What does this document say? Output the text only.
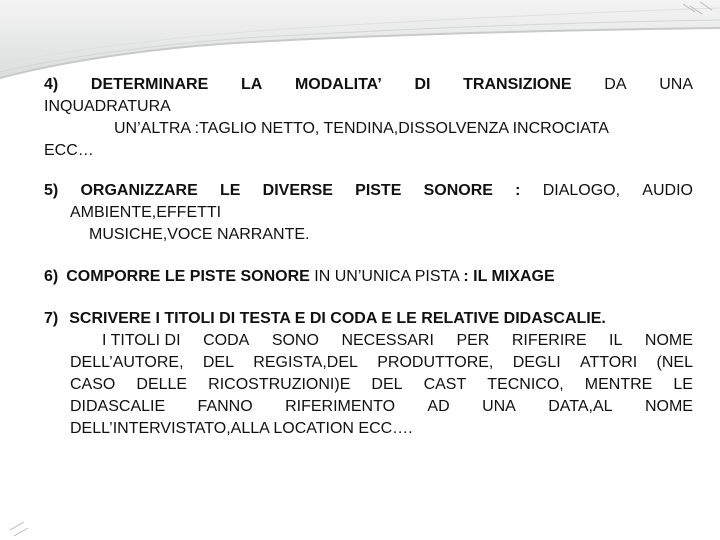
4) DETERMINARE LA MODALITA’ DI TRANSIZIONE DA UNA
INQUADRATURA
UN’ALTRA :TAGLIO NETTO, TENDINA,DISSOLVENZA INCROCIATA
ECC…
5) ORGANIZZARE LE DIVERSE PISTE SONORE : DIALOGO, AUDIO
AMBIENTE,EFFETTI
MUSICHE,VOCE NARRANTE.
6) COMPORRE LE PISTE SONORE IN UN’UNICA PISTA : IL MIXAGE
7) SCRIVERE I TITOLI DI TESTA E DI CODA E LE RELATIVE DIDASCALIE.
I TITOLI DI CODA SONO NECESSARI PER RIFERIRE IL NOME
DELL’AUTORE, DEL REGISTA,DEL PRODUTTORE, DEGLI ATTORI (NEL
CASO DELLE RICOSTRUZIONI)E DEL CAST TECNICO, MENTRE LE
DIDASCALIE FANNO RIFERIMENTO AD UNA DATA,AL NOME
DELL’INTERVISTATO,ALLA LOCATION ECC….
